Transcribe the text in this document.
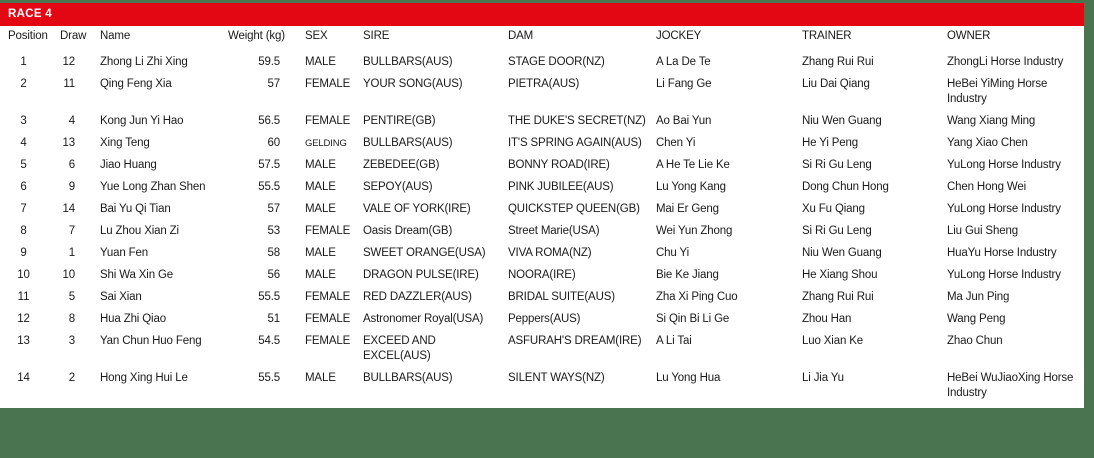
RACE 4
Position	Draw	Name	Weight (kg)	SEX	SIRE	DAM	JOCKEY	TRAINER	OWNER
1	12	Zhong Li Zhi Xing	59.5	MALE	BULLBARS(AUS)	STAGE DOOR(NZ)	A La De Te	Zhang Rui Rui	ZhongLi Horse Industry
2	11	Qing Feng Xia	57	FEMALE	YOUR SONG(AUS)	PIETRA(AUS)	Li Fang Ge	Liu Dai Qiang	HeBei YiMing Horse Industry
3	4	Kong Jun Yi Hao	56.5	FEMALE	PENTIRE(GB)	THE DUKE'S SECRET(NZ)	Ao Bai Yun	Niu Wen Guang	Wang Xiang Ming
4	13	Xing Teng	60	GELDING	BULLBARS(AUS)	IT'S SPRING AGAIN(AUS)	Chen Yi	He Yi Peng	Yang Xiao Chen
5	6	Jiao Huang	57.5	MALE	ZEBEDEE(GB)	BONNY ROAD(IRE)	A He Te Lie Ke	Si Ri Gu Leng	YuLong Horse Industry
6	9	Yue Long Zhan Shen	55.5	MALE	SEPOY(AUS)	PINK JUBILEE(AUS)	Lu Yong Kang	Dong Chun Hong	Chen Hong Wei
7	14	Bai Yu Qi Tian	57	MALE	VALE OF YORK(IRE)	QUICKSTEP QUEEN(GB)	Mai Er Geng	Xu Fu Qiang	YuLong Horse Industry
8	7	Lu Zhou Xian Zi	53	FEMALE	Oasis Dream(GB)	Street Marie(USA)	Wei Yun Zhong	Si Ri Gu Leng	Liu Gui Sheng
9	1	Yuan Fen	58	MALE	SWEET ORANGE(USA)	VIVA ROMA(NZ)	Chu Yi	Niu Wen Guang	HuaYu Horse Industry
10	10	Shi Wa Xin Ge	56	MALE	DRAGON PULSE(IRE)	NOORA(IRE)	Bie Ke Jiang	He Xiang Shou	YuLong Horse Industry
11	5	Sai Xian	55.5	FEMALE	RED DAZZLER(AUS)	BRIDAL SUITE(AUS)	Zha Xi Ping Cuo	Zhang Rui Rui	Ma Jun Ping
12	8	Hua Zhi Qiao	51	FEMALE	Astronomer Royal(USA)	Peppers(AUS)	Si Qin Bi Li Ge	Zhou Han	Wang Peng
13	3	Yan Chun Huo Feng	54.5	FEMALE	EXCEED AND EXCEL(AUS)	ASFURAH'S DREAM(IRE)	A Li Tai	Luo Xian Ke	Zhao Chun
14	2	Hong Xing Hui Le	55.5	MALE	BULLBARS(AUS)	SILENT WAYS(NZ)	Lu Yong Hua	Li Jia Yu	HeBei WuJiaoXing Horse Industry
